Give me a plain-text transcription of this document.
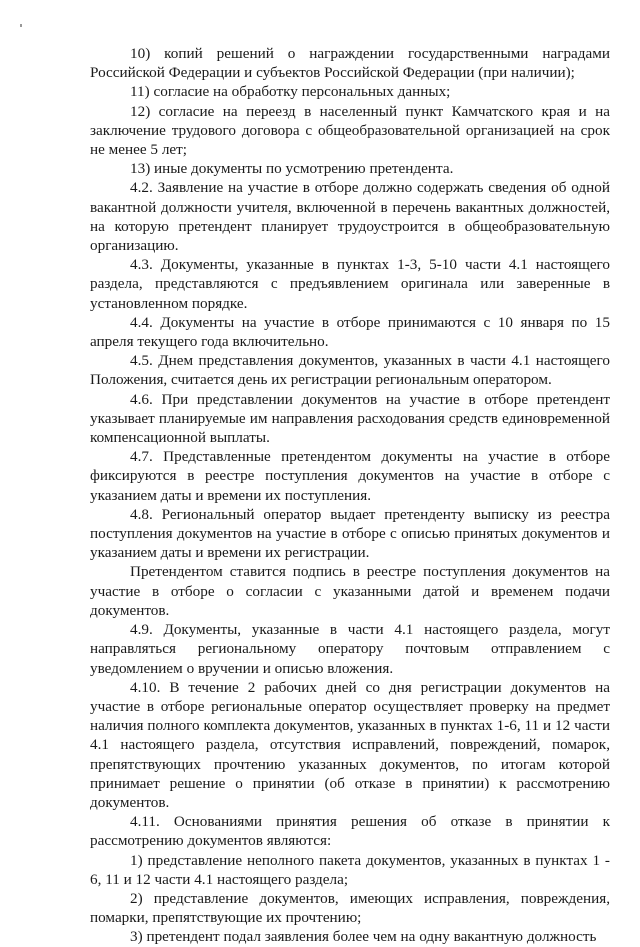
10) копий решений о награждении государственными наградами Российской Федерации и субъектов Российской Федерации (при наличии);

11) согласие на обработку персональных данных;

12) согласие на переезд в населенный пункт Камчатского края и на заключение трудового договора с общеобразовательной организацией на срок не менее 5 лет;

13) иные документы по усмотрению претендента.

4.2. Заявление на участие в отборе должно содержать сведения об одной вакантной должности учителя, включенной в перечень вакантных должностей, на которую претендент планирует трудоустроится в общеобразовательную организацию.

4.3. Документы, указанные в пунктах 1-3, 5-10 части 4.1 настоящего раздела, представляются с предъявлением оригинала или заверенные в установленном порядке.

4.4. Документы на участие в отборе принимаются с 10 января по 15 апреля текущего года включительно.

4.5. Днем представления документов, указанных в части 4.1 настоящего Положения, считается день их регистрации региональным оператором.

4.6. При представлении документов на участие в отборе претендент указывает планируемые им направления расходования средств единовременной компенсационной выплаты.

4.7. Представленные претендентом документы на участие в отборе фиксируются в реестре поступления документов на участие в отборе с указанием даты и времени их поступления.

4.8. Региональный оператор выдает претенденту выписку из реестра поступления документов на участие в отборе с описью принятых документов и указанием даты и времени их регистрации.

Претендентом ставится подпись в реестре поступления документов на участие в отборе о согласии с указанными датой и временем подачи документов.

4.9. Документы, указанные в части 4.1 настоящего раздела, могут направляться региональному оператору почтовым отправлением с уведомлением о вручении и описью вложения.

4.10. В течение 2 рабочих дней со дня регистрации документов на участие в отборе региональные оператор осуществляет проверку на предмет наличия полного комплекта документов, указанных в пунктах 1-6, 11 и 12 части 4.1 настоящего раздела, отсутствия исправлений, повреждений, помарок, препятствующих прочтению указанных документов, по итогам которой принимает решение о принятии (об отказе в принятии) к рассмотрению документов.

4.11. Основаниями принятия решения об отказе в принятии к рассмотрению документов являются:

1) представление неполного пакета документов, указанных в пунктах 1 - 6, 11 и 12 части 4.1 настоящего раздела;

2) представление документов, имеющих исправления, повреждения, помарки, препятствующие их прочтению;

3) претендент подал заявления более чем на одну вакантную должность
